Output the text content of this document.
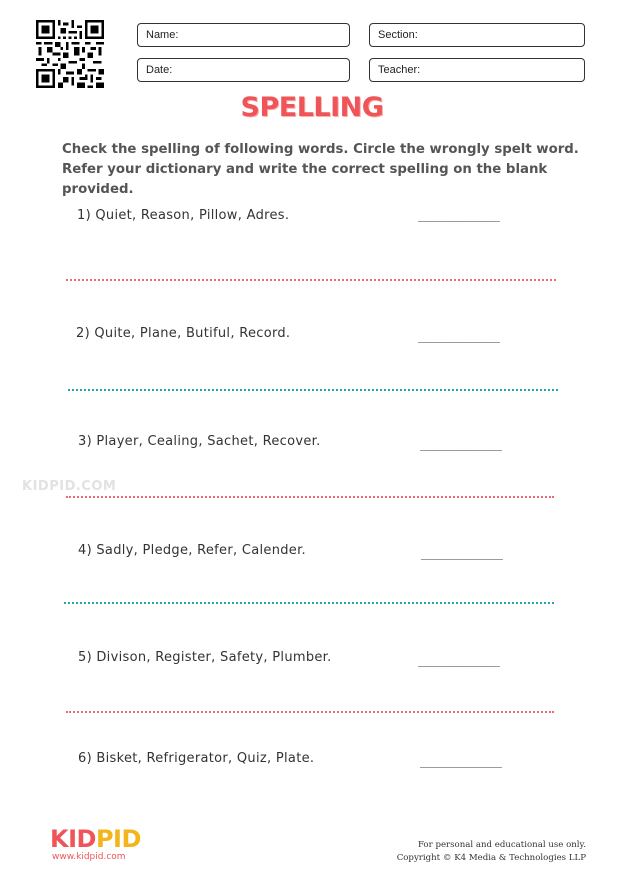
Name:	Section:
Date:	Teacher:
SPELLING
Check the spelling of following words. Circle the wrongly spelt word. Refer your dictionary and write the correct spelling on the blank provided.
1) Quiet, Reason, Pillow, Adres.	_____________
2) Quite, Plane, Butiful, Record.	_____________
3) Player, Cealing, Sachet, Recover.	_____________
KIDPID.COM
4) Sadly, Pledge, Refer, Calender.	_____________
5) Divison, Register, Safety, Plumber.	_____________
6) Bisket, Refrigerator, Quiz, Plate.	_____________
KIDPID
www.kidpid.com
For personal and educational use only.
Copyright © K4 Media & Technologies LLP
